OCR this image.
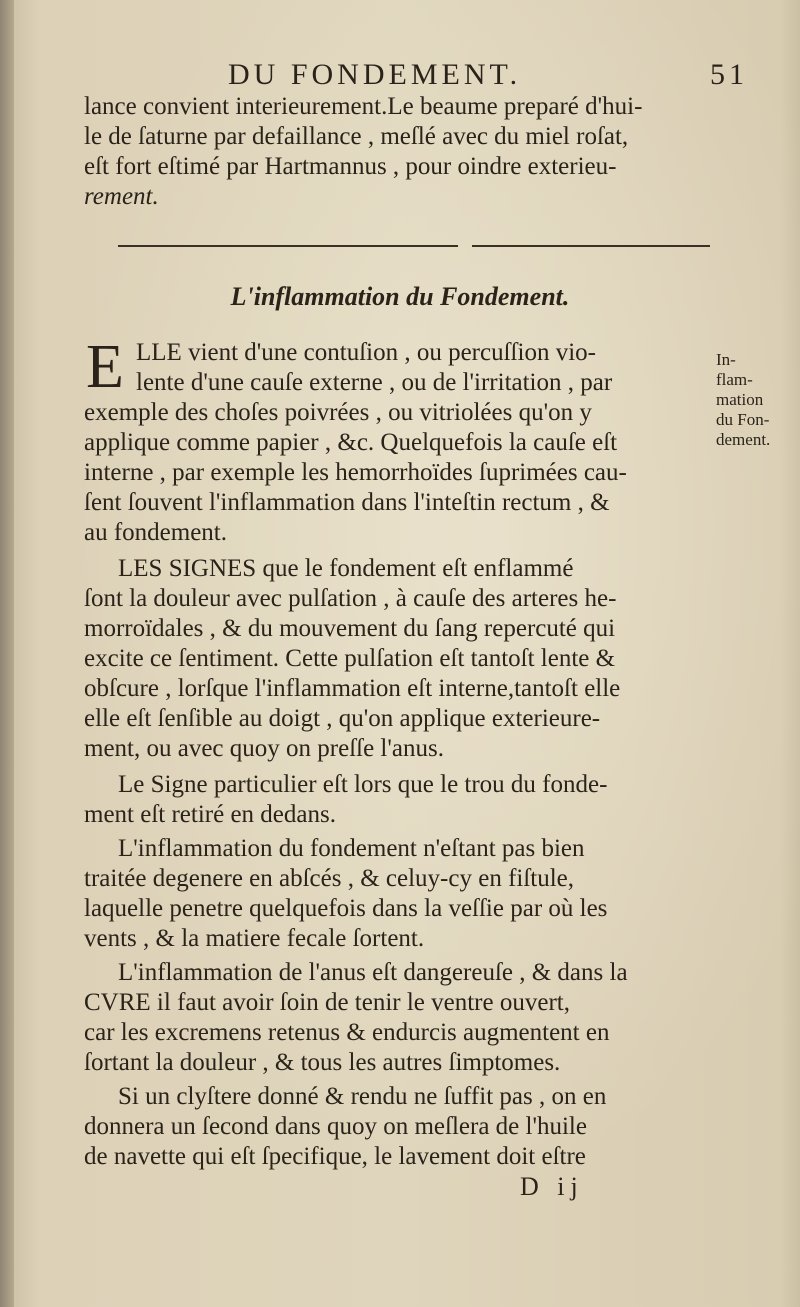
DU FONDEMENT.	51
lance convient interieurement.Le beaume preparé d'hui-
le de ſaturne par defaillance , meſlé avec du miel roſat,
eſt fort eſtimé par Hartmannus , pour oindre exterieu-
rement.
L'inflammation du Fondement.
E LLE vient d'une contuſion , ou percuſſion vio-
lente d'une cauſe externe , ou de l'irritation , par
exemple des choſes poivrées , ou vitriolées qu'on y
applique comme papier , &c. Quelquefois la cauſe eſt
interne , par exemple les hemorrhoïdes ſuprimées cau-
ſent ſouvent l'inflammation dans l'inteſtin rectum , &
au fondement.
In-
flam-
mation
du Fon-
dement.
LES SIGNES que le fondement eſt enflammé
ſont la douleur avec pulſation , à cauſe des arteres he-
morroïdales , & du mouvement du ſang repercuté qui
excite ce ſentiment. Cette pulſation eſt tantoſt lente &
obſcure , lorſque l'inflammation eſt interne,tantoſt elle
elle eſt ſenſible au doigt , qu'on applique exterieure-
ment, ou avec quoy on preſſe l'anus.
Le Signe particulier eſt lors que le trou du fonde-
ment eſt retiré en dedans.
L'inflammation du fondement n'eſtant pas bien
traitée degenere en abſcés , & celuy-cy en fiſtule,
laquelle penetre quelquefois dans la veſſie par où les
vents , & la matiere fecale ſortent.
L'inflammation de l'anus eſt dangereuſe , & dans la
CVRE il faut avoir ſoin de tenir le ventre ouvert,
car les excremens retenus & endurcis augmentent en
ſortant la douleur , & tous les autres ſimptomes.
Si un clyſtere donné & rendu ne ſuffit pas , on en
donnera un ſecond dans quoy on meſlera de l'huile
de navette qui eſt ſpecifique, le lavement doit eſtre
D ij
